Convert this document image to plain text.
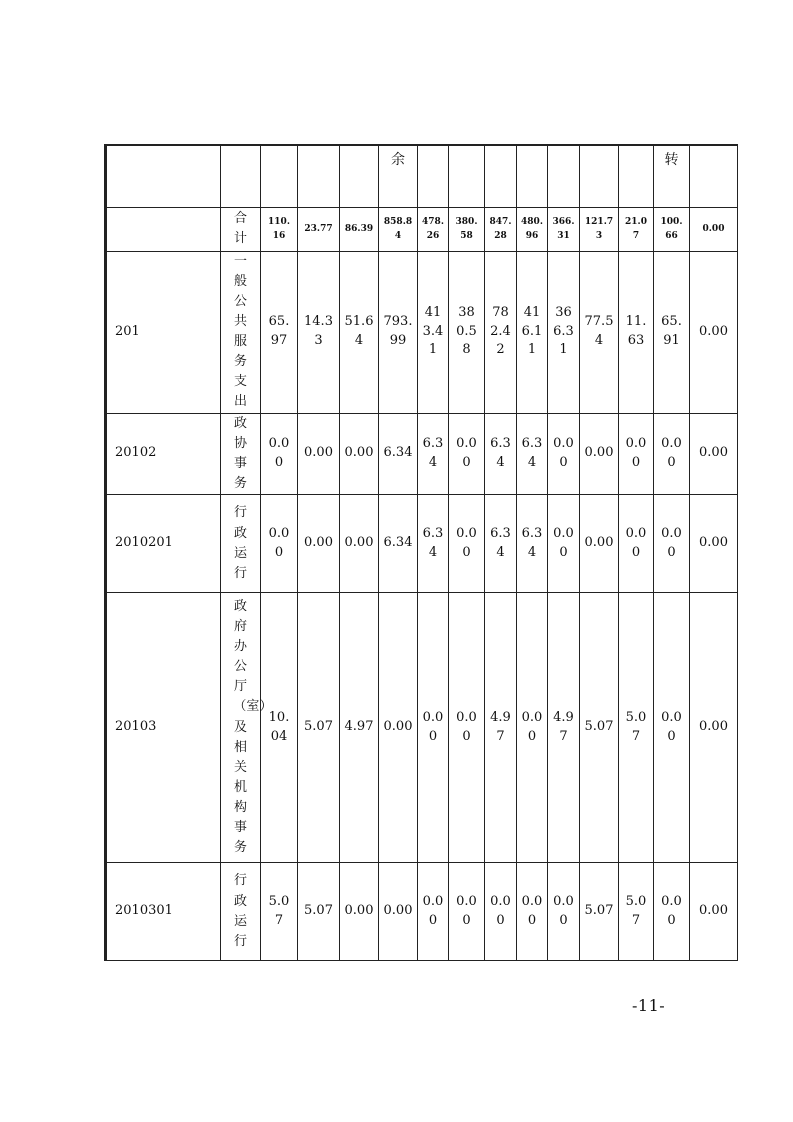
					余								转	
	合计	110.16	23.77	86.39	858.84	478.26	380.58	847.28	480.96	366.31	121.73	21.07	100.66	0.00
201	一般公共服务支出	65.97	14.33	51.64	793.99	413.41	380.58	782.42	416.11	366.31	77.54	11.63	65.91	0.00
20102	政协事务	0.00	0.00	0.00	6.34	6.34	0.00	6.34	6.34	0.00	0.00	0.00	0.00	0.00
2010201	行政运行	0.00	0.00	0.00	6.34	6.34	0.00	6.34	6.34	0.00	0.00	0.00	0.00	0.00
20103	政府办公厅（室）及相关机构事务	10.04	5.07	4.97	0.00	0.00	0.00	4.97	0.00	4.97	5.07	5.07	0.00	0.00
2010301	行政运行	5.07	5.07	0.00	0.00	0.00	0.00	0.00	0.00	0.00	5.07	5.07	0.00	0.00
-11-
